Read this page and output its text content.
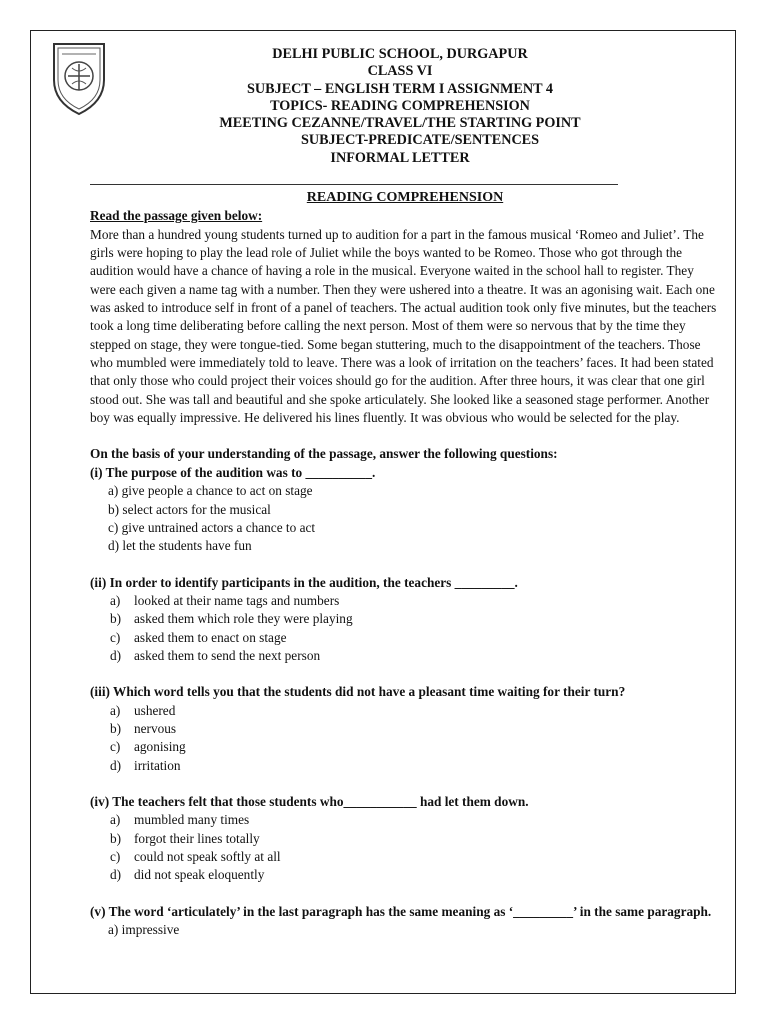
DELHI PUBLIC SCHOOL, DURGAPUR
CLASS VI
SUBJECT – ENGLISH TERM I ASSIGNMENT 4
TOPICS- READING COMPREHENSION
MEETING CEZANNE/TRAVEL/THE STARTING POINT
SUBJECT-PREDICATE/SENTENCES
INFORMAL LETTER

READING COMPREHENSION

Read the passage given below:

More than a hundred young students turned up to audition for a part in the famous musical ‘Romeo and Juliet’. The girls were hoping to play the lead role of Juliet while the boys wanted to be Romeo. Those who got through the audition would have a chance of having a role in the musical. Everyone waited in the school hall to register. They were each given a name tag with a number. Then they were ushered into a theatre. It was an agonising wait. Each one was asked to introduce self in front of a panel of teachers. The actual audition took only five minutes, but the teachers took a long time deliberating before calling the next person. Most of them were so nervous that by the time they stepped on stage, they were tongue-tied. Some began stuttering, much to the disappointment of the teachers. Those who mumbled were immediately told to leave. There was a look of irritation on the teachers’ faces. It had been stated that only those who could project their voices should go for the audition. After three hours, it was clear that one girl stood out. She was tall and beautiful and she spoke articulately. She looked like a seasoned stage performer. Another boy was equally impressive. He delivered his lines fluently. It was obvious who would be selected for the play.

On the basis of your understanding of the passage, answer the following questions:

(i) The purpose of the audition was to __________.

a) give people a chance to act on stage
b) select actors for the musical
c) give untrained actors a chance to act
d) let the students have fun

(ii) In order to identify participants in the audition, the teachers _________.

a) looked at their name tags and numbers
b) asked them which role they were playing
c) asked them to enact on stage
d) asked them to send the next person

(iii) Which word tells you that the students did not have a pleasant time waiting for their turn?

a) ushered
b) nervous
c) agonising
d) irritation

(iv) The teachers felt that those students who___________ had let them down.

a) mumbled many times
b) forgot their lines totally
c) could not speak softly at all
d) did not speak eloquently

(v) The word ‘articulately’ in the last paragraph has the same meaning as ‘_________’ in the same paragraph.

a) impressive
